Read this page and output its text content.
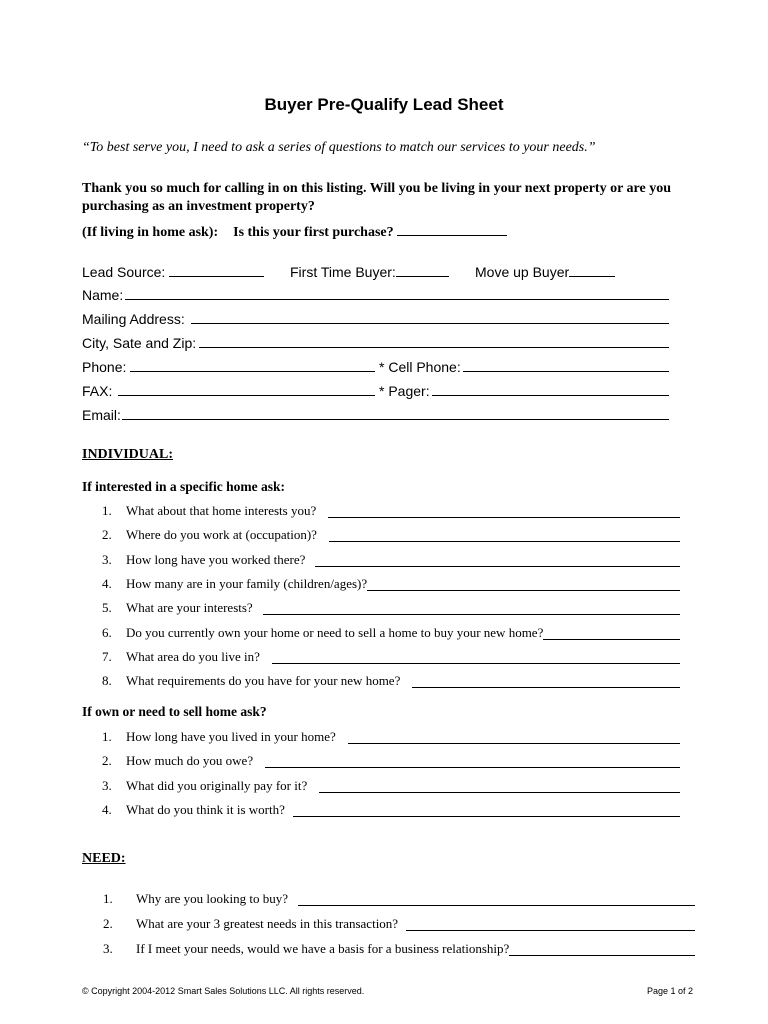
Buyer Pre-Qualify Lead Sheet
“To best serve you, I need to ask a series of questions to match our services to your needs.”
Thank you so much for calling in on this listing. Will you be living in your next property or are you
purchasing as an investment property?
(If living in home ask): Is this your first purchase?
Lead Source:	First Time Buyer:	Move up Buyer
Name:
Mailing Address:
City, Sate and Zip:
Phone:	* Cell Phone:
FAX:	* Pager:
Email:
INDIVIDUAL:
If interested in a specific home ask:
1. What about that home interests you?
2. Where do you work at (occupation)?
3. How long have you worked there?
4. How many are in your family (children/ages)?
5. What are your interests?
6. Do you currently own your home or need to sell a home to buy your new home?
7. What area do you live in?
8. What requirements do you have for your new home?
If own or need to sell home ask?
1. How long have you lived in your home?
2. How much do you owe?
3. What did you originally pay for it?
4. What do you think it is worth?
NEED:
1. Why are you looking to buy?
2. What are your 3 greatest needs in this transaction?
3. If I meet your needs, would we have a basis for a business relationship?
© Copyright 2004-2012 Smart Sales Solutions LLC. All rights reserved.	Page 1 of 2
